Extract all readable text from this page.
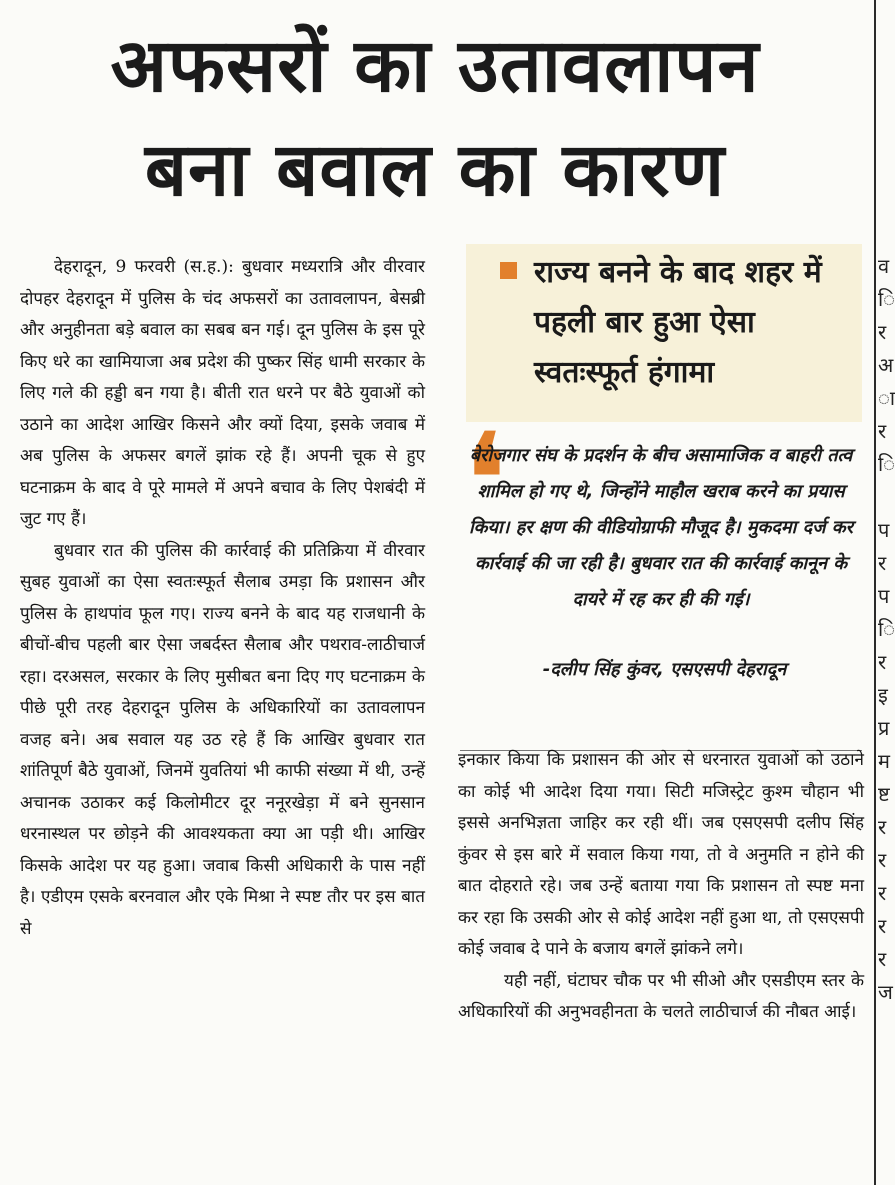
अफसरों का उतावलापन
बना बवाल का कारण
व
ि
र
अ
ा
र
ि

प
र
प
ि
र
इ
प्र
म
ष्ट
र
र
र
र
र
ज

देहरादून, 9 फरवरी (स.ह.): बुधवार मध्यरात्रि और वीरवार दोपहर देहरादून में पुलिस के चंद अफसरों का उतावलापन, बेसब्री और अनुहीनता बड़े बवाल का सबब बन गई। दून पुलिस के इस पूरे किए धरे का खामियाजा अब प्रदेश की पुष्कर सिंह धामी सरकार के लिए गले की हड्डी बन गया है। बीती रात धरने पर बैठे युवाओं को उठाने का आदेश आखिर किसने और क्यों दिया, इसके जवाब में अब पुलिस के अफसर बगलें झांक रहे हैं। अपनी चूक से हुए घटनाक्रम के बाद वे पूरे मामले में अपने बचाव के लिए पेशबंदी में जुट गए हैं।

बुधवार रात की पुलिस की कार्रवाई की प्रतिक्रिया में वीरवार सुबह युवाओं का ऐसा स्वतःस्फूर्त सैलाब उमड़ा कि प्रशासन और पुलिस के हाथपांव फूल गए। राज्य बनने के बाद यह राजधानी के बीचों-बीच पहली बार ऐसा जबर्दस्त सैलाब और पथराव-लाठीचार्ज रहा। दरअसल, सरकार के लिए मुसीबत बना दिए गए घटनाक्रम के पीछे पूरी तरह देहरादून पुलिस के अधिकारियों का उतावलापन वजह बने। अब सवाल यह उठ रहे हैं कि आखिर बुधवार रात शांतिपूर्ण बैठे युवाओं, जिनमें युवतियां भी काफी संख्या में थी, उन्हें अचानक उठाकर कई किलोमीटर दूर ननूरखेड़ा में बने सुनसान धरनास्थल पर छोड़ने की आवश्यकता क्या आ पड़ी थी। आखिर किसके आदेश पर यह हुआ। जवाब किसी अधिकारी के पास नहीं है। एडीएम एसके बरनवाल और एके मिश्रा ने स्पष्ट तौर पर इस बात से

राज्य बनने के बाद शहर में पहली बार हुआ ऐसा स्वतःस्फूर्त हंगामा
❛
बेरोजगार संघ के प्रदर्शन के बीच असामाजिक व बाहरी तत्व शामिल हो गए थे, जिन्होंने माहौल खराब करने का प्रयास किया। हर क्षण की वीडियोग्राफी मौजूद है। मुकदमा दर्ज कर कार्रवाई की जा रही है। बुधवार रात की कार्रवाई कानून के दायरे में रह कर ही की गई।
-दलीप सिंह कुंवर, एसएसपी देहरादून

इनकार किया कि प्रशासन की ओर से धरनारत युवाओं को उठाने का कोई भी आदेश दिया गया। सिटी मजिस्ट्रेट कुश्म चौहान भी इससे अनभिज्ञता जाहिर कर रही थीं। जब एसएसपी दलीप सिंह कुंवर से इस बारे में सवाल किया गया, तो वे अनुमति न होने की बात दोहराते रहे। जब उन्हें बताया गया कि प्रशासन तो स्पष्ट मना कर रहा कि उसकी ओर से कोई आदेश नहीं हुआ था, तो एसएसपी कोई जवाब दे पाने के बजाय बगलें झांकने लगे।

यही नहीं, घंटाघर चौक पर भी सीओ और एसडीएम स्तर के अधिकारियों की अनुभवहीनता के चलते लाठीचार्ज की नौबत आई।
